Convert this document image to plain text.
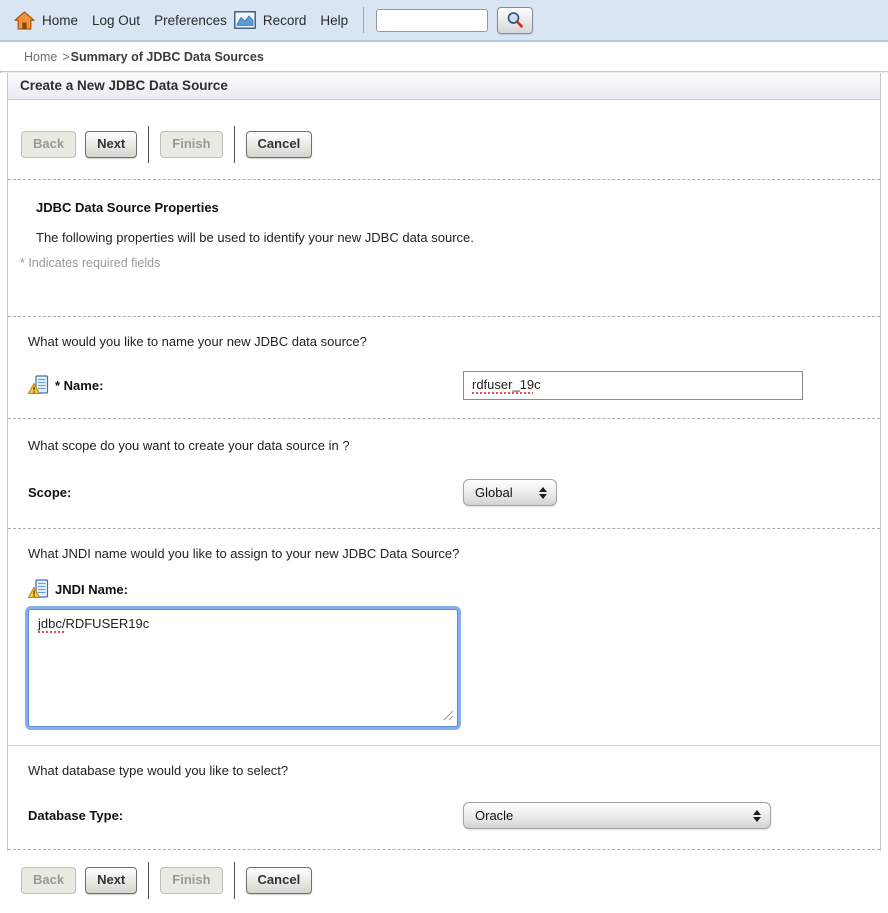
Home Log Out Preferences	Record Help
Home >Summary of JDBC Data Sources
Create a New JDBC Data Source
Back	Next	Finish	Cancel
JDBC Data Source Properties
The following properties will be used to identify your new JDBC data source.
* Indicates required fields
What would you like to name your new JDBC data source?
* Name:	rdfuser_19c
What scope do you want to create your data source in ?
Scope:	Global
What JNDI name would you like to assign to your new JDBC Data Source?
JNDI Name:
jdbc/RDFUSER19c
What database type would you like to select?
Database Type:	Oracle
Back	Next	Finish	Cancel
